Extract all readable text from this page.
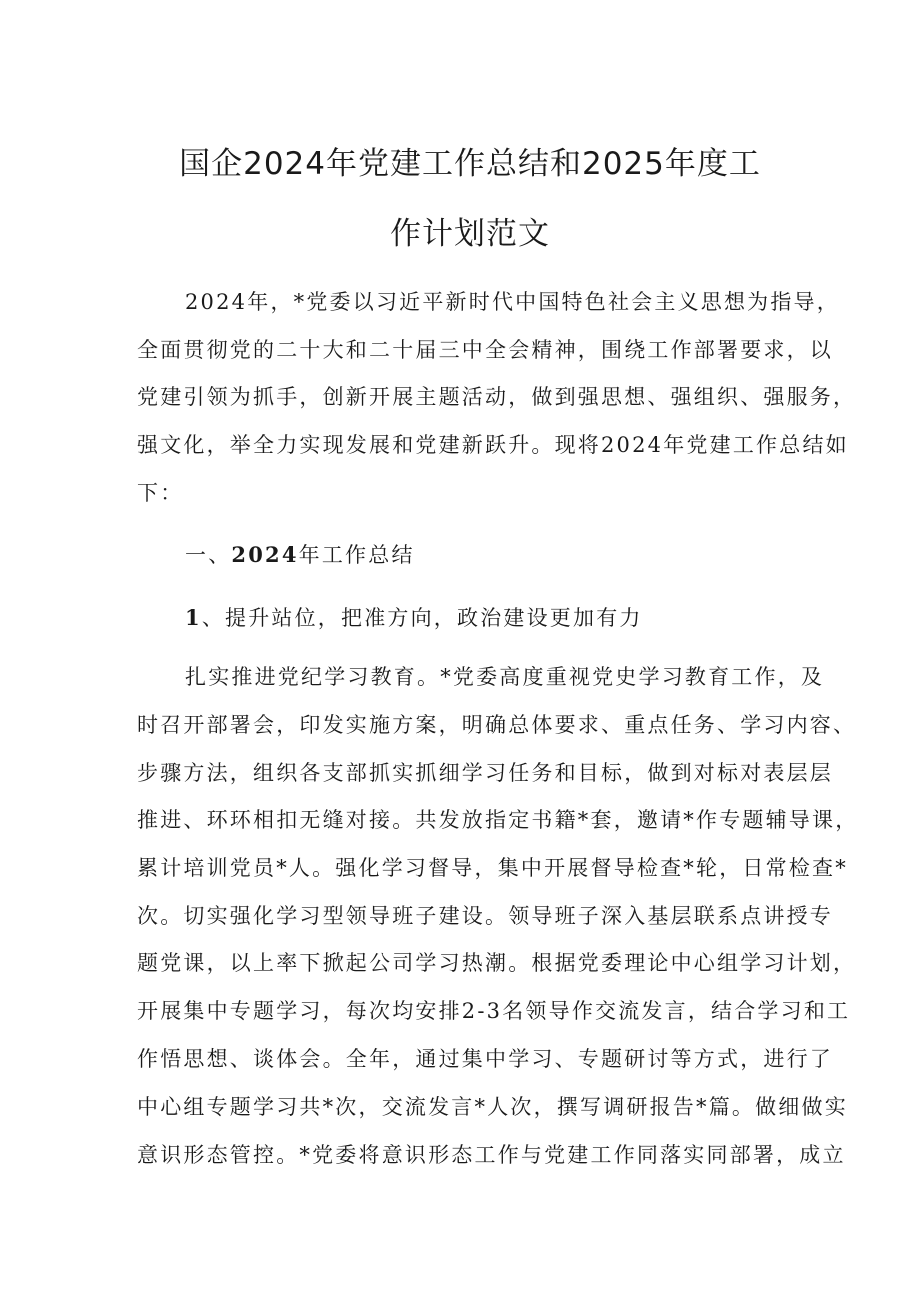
国企2024年党建工作总结和2025年度工
作计划范文

2024年，*党委以习近平新时代中国特色社会主义思想为指导，

全面贯彻党的二十大和二十届三中全会精神，围绕工作部署要求，以

党建引领为抓手，创新开展主题活动，做到强思想、强组织、强服务，

强文化，举全力实现发展和党建新跃升。现将2024年党建工作总结如

下：

一、2024年工作总结

1、提升站位，把准方向，政治建设更加有力

扎实推进党纪学习教育。*党委高度重视党史学习教育工作，及

时召开部署会，印发实施方案，明确总体要求、重点任务、学习内容、

步骤方法，组织各支部抓实抓细学习任务和目标，做到对标对表层层

推进、环环相扣无缝对接。共发放指定书籍*套，邀请*作专题辅导课，

累计培训党员*人。强化学习督导，集中开展督导检查*轮，日常检查*

次。切实强化学习型领导班子建设。领导班子深入基层联系点讲授专

题党课，以上率下掀起公司学习热潮。根据党委理论中心组学习计划，

开展集中专题学习，每次均安排2-3名领导作交流发言，结合学习和工

作悟思想、谈体会。全年，通过集中学习、专题研讨等方式，进行了

中心组专题学习共*次，交流发言*人次，撰写调研报告*篇。做细做实

意识形态管控。*党委将意识形态工作与党建工作同落实同部署，成立
